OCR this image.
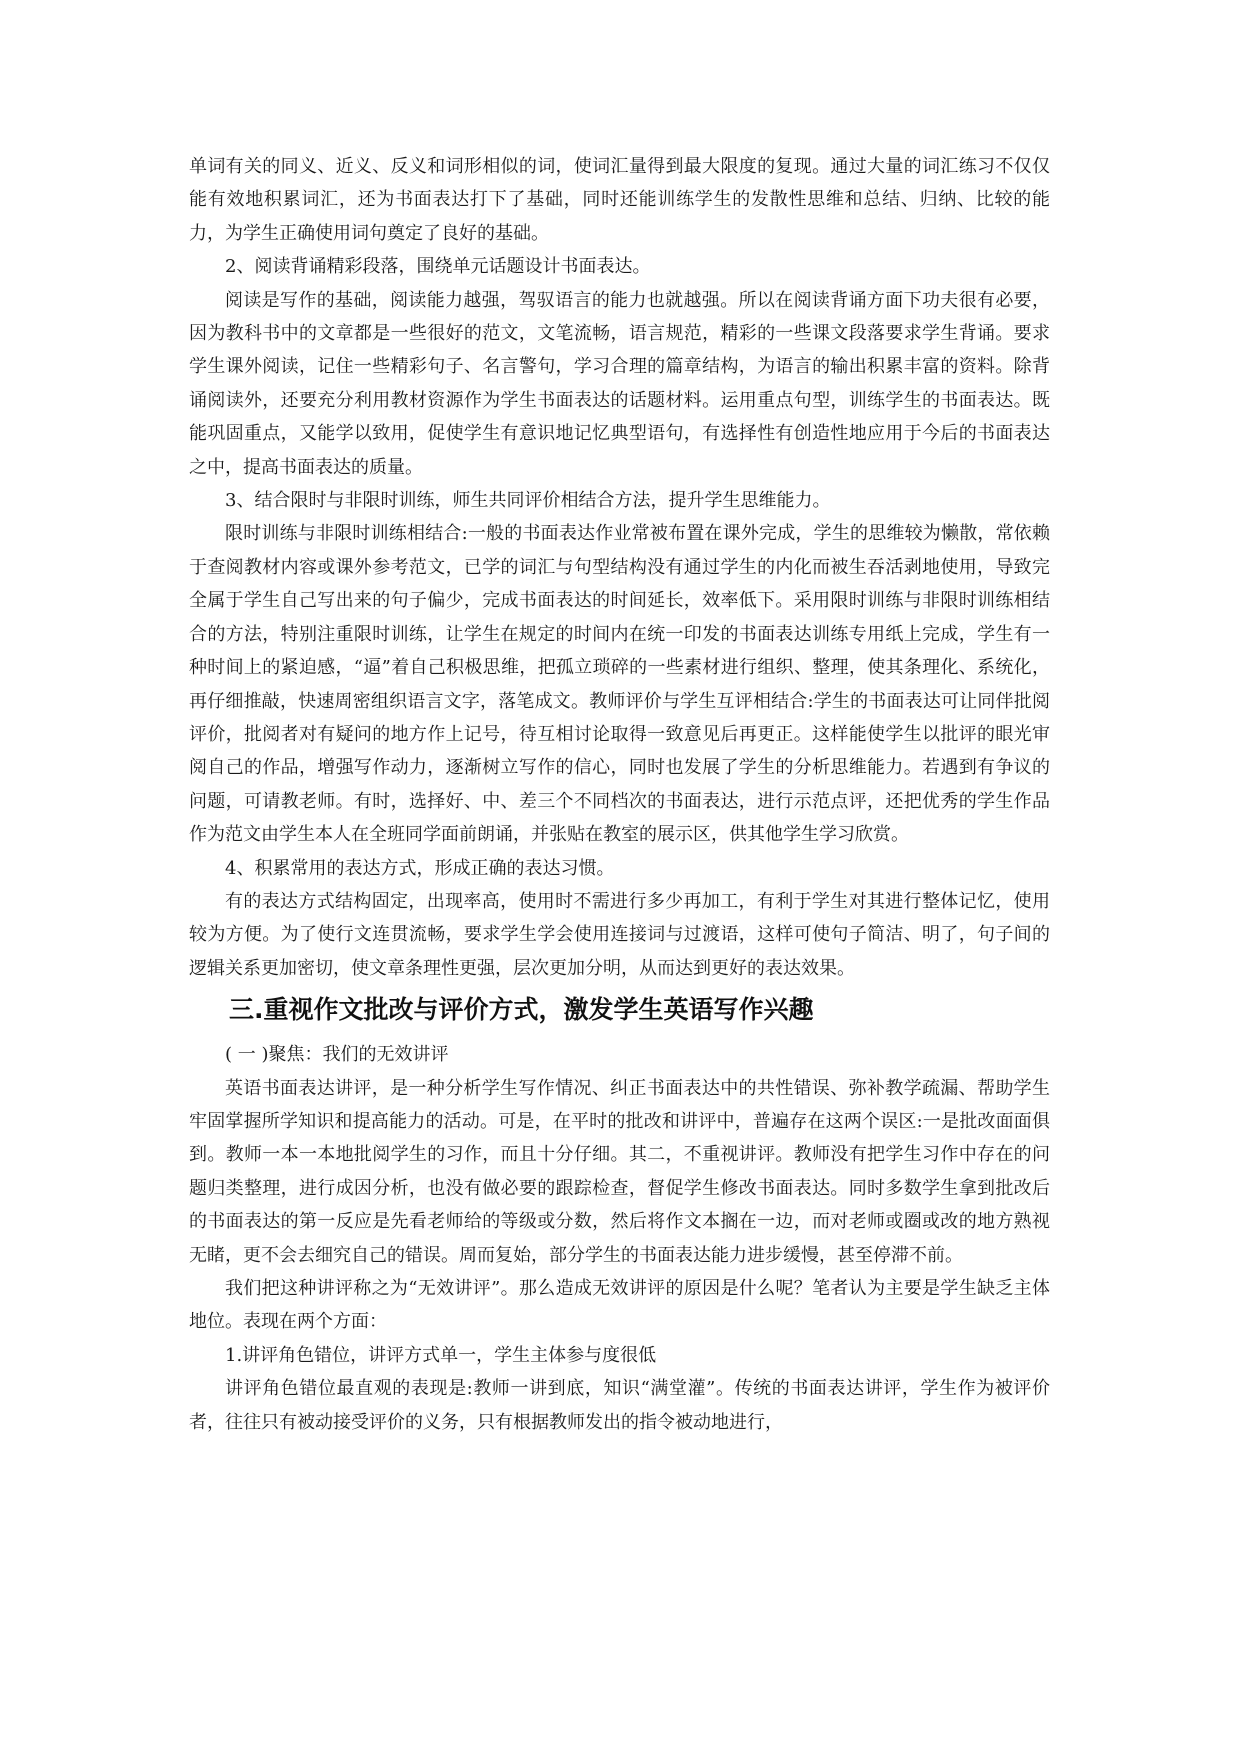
单词有关的同义、近义、反义和词形相似的词，使词汇量得到最大限度的复现。通过大量的词汇练习不仅仅能有效地积累词汇，还为书面表达打下了基础，同时还能训练学生的发散性思维和总结、归纳、比较的能力，为学生正确使用词句奠定了良好的基础。

2、阅读背诵精彩段落，围绕单元话题设计书面表达。

阅读是写作的基础，阅读能力越强，驾驭语言的能力也就越强。所以在阅读背诵方面下功夫很有必要，因为教科书中的文章都是一些很好的范文，文笔流畅，语言规范，精彩的一些课文段落要求学生背诵。要求学生课外阅读，记住一些精彩句子、名言警句，学习合理的篇章结构，为语言的输出积累丰富的资料。除背诵阅读外，还要充分利用教材资源作为学生书面表达的话题材料。运用重点句型，训练学生的书面表达。既能巩固重点，又能学以致用，促使学生有意识地记忆典型语句，有选择性有创造性地应用于今后的书面表达之中，提高书面表达的质量。

3、结合限时与非限时训练，师生共同评价相结合方法，提升学生思维能力。

限时训练与非限时训练相结合:一般的书面表达作业常被布置在课外完成，学生的思维较为懒散，常依赖于查阅教材内容或课外参考范文，已学的词汇与句型结构没有通过学生的内化而被生吞活剥地使用，导致完全属于学生自己写出来的句子偏少，完成书面表达的时间延长，效率低下。采用限时训练与非限时训练相结合的方法，特别注重限时训练，让学生在规定的时间内在统一印发的书面表达训练专用纸上完成，学生有一种时间上的紧迫感，“逼”着自己积极思维，把孤立琐碎的一些素材进行组织、整理，使其条理化、系统化，再仔细推敲，快速周密组织语言文字，落笔成文。教师评价与学生互评相结合:学生的书面表达可让同伴批阅评价，批阅者对有疑问的地方作上记号，待互相讨论取得一致意见后再更正。这样能使学生以批评的眼光审阅自己的作品，增强写作动力，逐渐树立写作的信心，同时也发展了学生的分析思维能力。若遇到有争议的问题，可请教老师。有时，选择好、中、差三个不同档次的书面表达，进行示范点评，还把优秀的学生作品作为范文由学生本人在全班同学面前朗诵，并张贴在教室的展示区，供其他学生学习欣赏。

4、积累常用的表达方式，形成正确的表达习惯。

有的表达方式结构固定，出现率高，使用时不需进行多少再加工，有利于学生对其进行整体记忆，使用较为方便。为了使行文连贯流畅，要求学生学会使用连接词与过渡语，这样可使句子简洁、明了，句子间的逻辑关系更加密切，使文章条理性更强，层次更加分明，从而达到更好的表达效果。

三.重视作文批改与评价方式，激发学生英语写作兴趣

( 一 )聚焦：我们的无效讲评

英语书面表达讲评，是一种分析学生写作情况、纠正书面表达中的共性错误、弥补教学疏漏、帮助学生牢固掌握所学知识和提高能力的活动。可是，在平时的批改和讲评中，普遍存在这两个误区:一是批改面面俱到。教师一本一本地批阅学生的习作，而且十分仔细。其二，不重视讲评。教师没有把学生习作中存在的问题归类整理，进行成因分析，也没有做必要的跟踪检查，督促学生修改书面表达。同时多数学生拿到批改后的书面表达的第一反应是先看老师给的等级或分数，然后将作文本搁在一边，而对老师或圈或改的地方熟视无睹，更不会去细究自己的错误。周而复始，部分学生的书面表达能力进步缓慢，甚至停滞不前。

我们把这种讲评称之为“无效讲评”。那么造成无效讲评的原因是什么呢？笔者认为主要是学生缺乏主体地位。表现在两个方面：

1.讲评角色错位，讲评方式单一，学生主体参与度很低

讲评角色错位最直观的表现是:教师一讲到底，知识“满堂灌”。传统的书面表达讲评，学生作为被评价者，往往只有被动接受评价的义务，只有根据教师发出的指令被动地进行，
